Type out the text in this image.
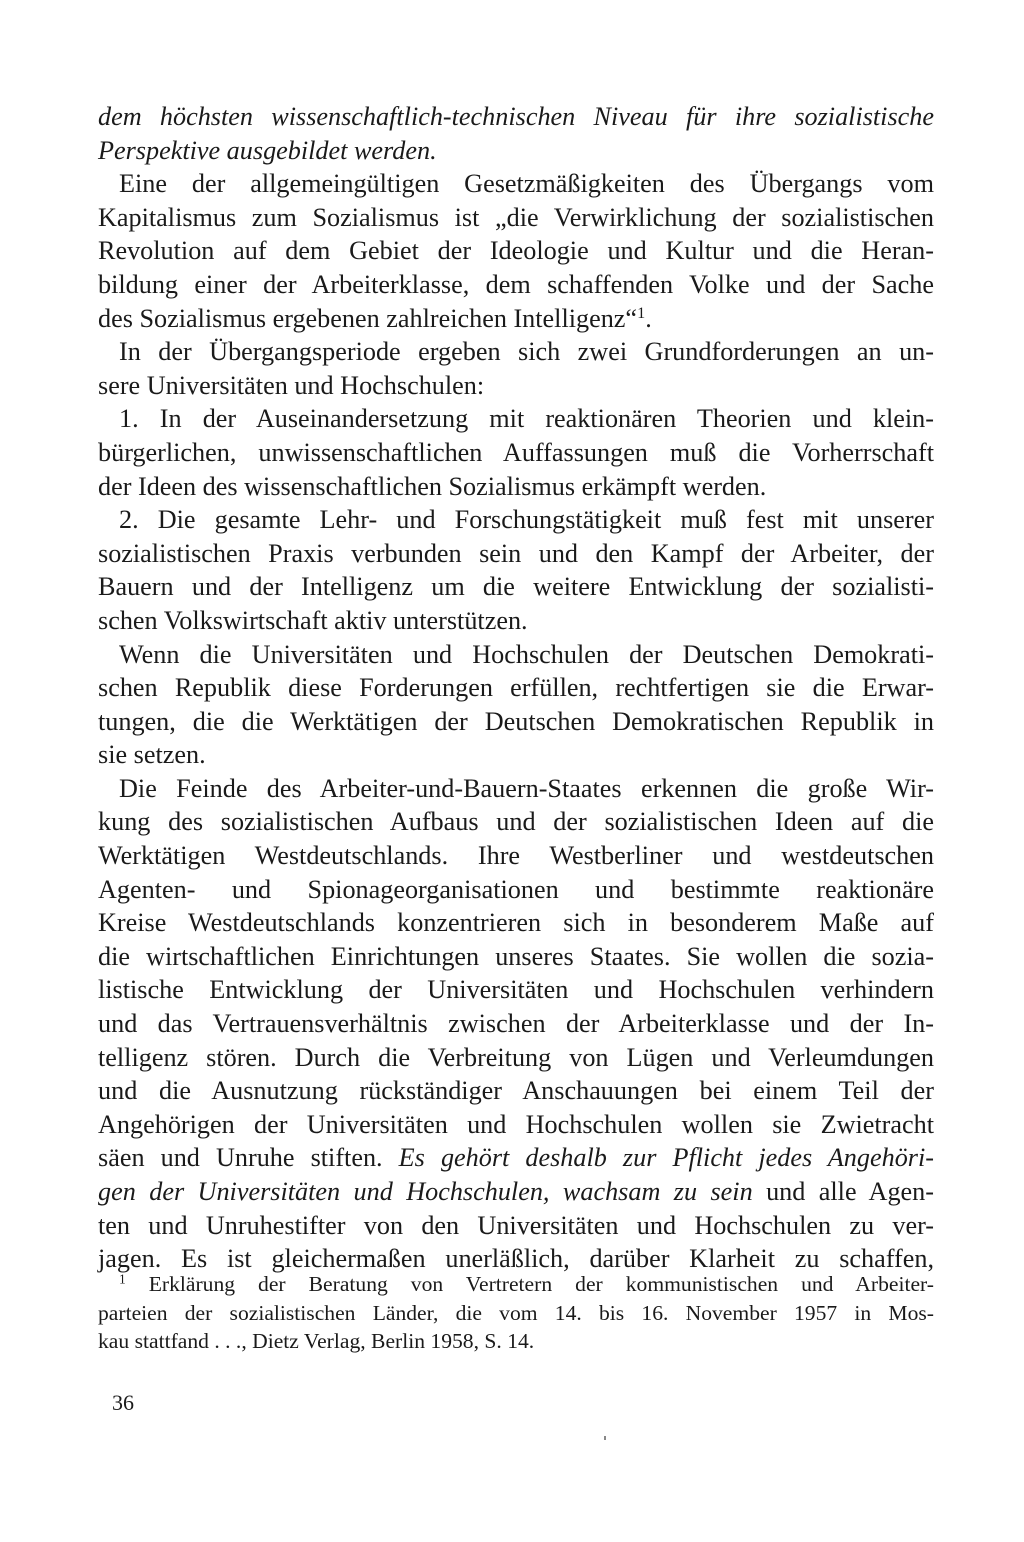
dem höchsten wissenschaftlich-technischen Niveau für ihre sozialistische
Perspektive ausgebildet werden.
Eine der allgemeingültigen Gesetzmäßigkeiten des Übergangs vom
Kapitalismus zum Sozialismus ist „die Verwirklichung der sozialistischen
Revolution auf dem Gebiet der Ideologie und Kultur und die Heran-
bildung einer der Arbeiterklasse, dem schaffenden Volke und der Sache
des Sozialismus ergebenen zahlreichen Intelligenz“$^1$.
In der Übergangsperiode ergeben sich zwei Grundforderungen an un-
sere Universitäten und Hochschulen:
1. In der Auseinandersetzung mit reaktionären Theorien und klein-
bürgerlichen, unwissenschaftlichen Auffassungen muß die Vorherrschaft
der Ideen des wissenschaftlichen Sozialismus erkämpft werden.
2. Die gesamte Lehr- und Forschungstätigkeit muß fest mit unserer
sozialistischen Praxis verbunden sein und den Kampf der Arbeiter, der
Bauern und der Intelligenz um die weitere Entwicklung der sozialisti-
schen Volkswirtschaft aktiv unterstützen.
Wenn die Universitäten und Hochschulen der Deutschen Demokrati-
schen Republik diese Forderungen erfüllen, rechtfertigen sie die Erwar-
tungen, die die Werktätigen der Deutschen Demokratischen Republik in
sie setzen.
Die Feinde des Arbeiter-und-Bauern-Staates erkennen die große Wir-
kung des sozialistischen Aufbaus und der sozialistischen Ideen auf die
Werktätigen Westdeutschlands. Ihre Westberliner und westdeutschen
Agenten- und Spionageorganisationen und bestimmte reaktionäre
Kreise Westdeutschlands konzentrieren sich in besonderem Maße auf
die wirtschaftlichen Einrichtungen unseres Staates. Sie wollen die sozia-
listische Entwicklung der Universitäten und Hochschulen verhindern
und das Vertrauensverhältnis zwischen der Arbeiterklasse und der In-
telligenz stören. Durch die Verbreitung von Lügen und Verleumdungen
und die Ausnutzung rückständiger Anschauungen bei einem Teil der
Angehörigen der Universitäten und Hochschulen wollen sie Zwietracht
säen und Unruhe stiften. Es gehört deshalb zur Pflicht jedes Angehöri-
gen der Universitäten und Hochschulen, wachsam zu sein und alle Agen-
ten und Unruhestifter von den Universitäten und Hochschulen zu ver-
jagen. Es ist gleichermaßen unerläßlich, darüber Klarheit zu schaffen,
$^1$ Erklärung der Beratung von Vertretern der kommunistischen und Arbeiter-
parteien der sozialistischen Länder, die vom 14. bis 16. November 1957 in Mos-
kau stattfand . . ., Dietz Verlag, Berlin 1958, S. 14.
36
